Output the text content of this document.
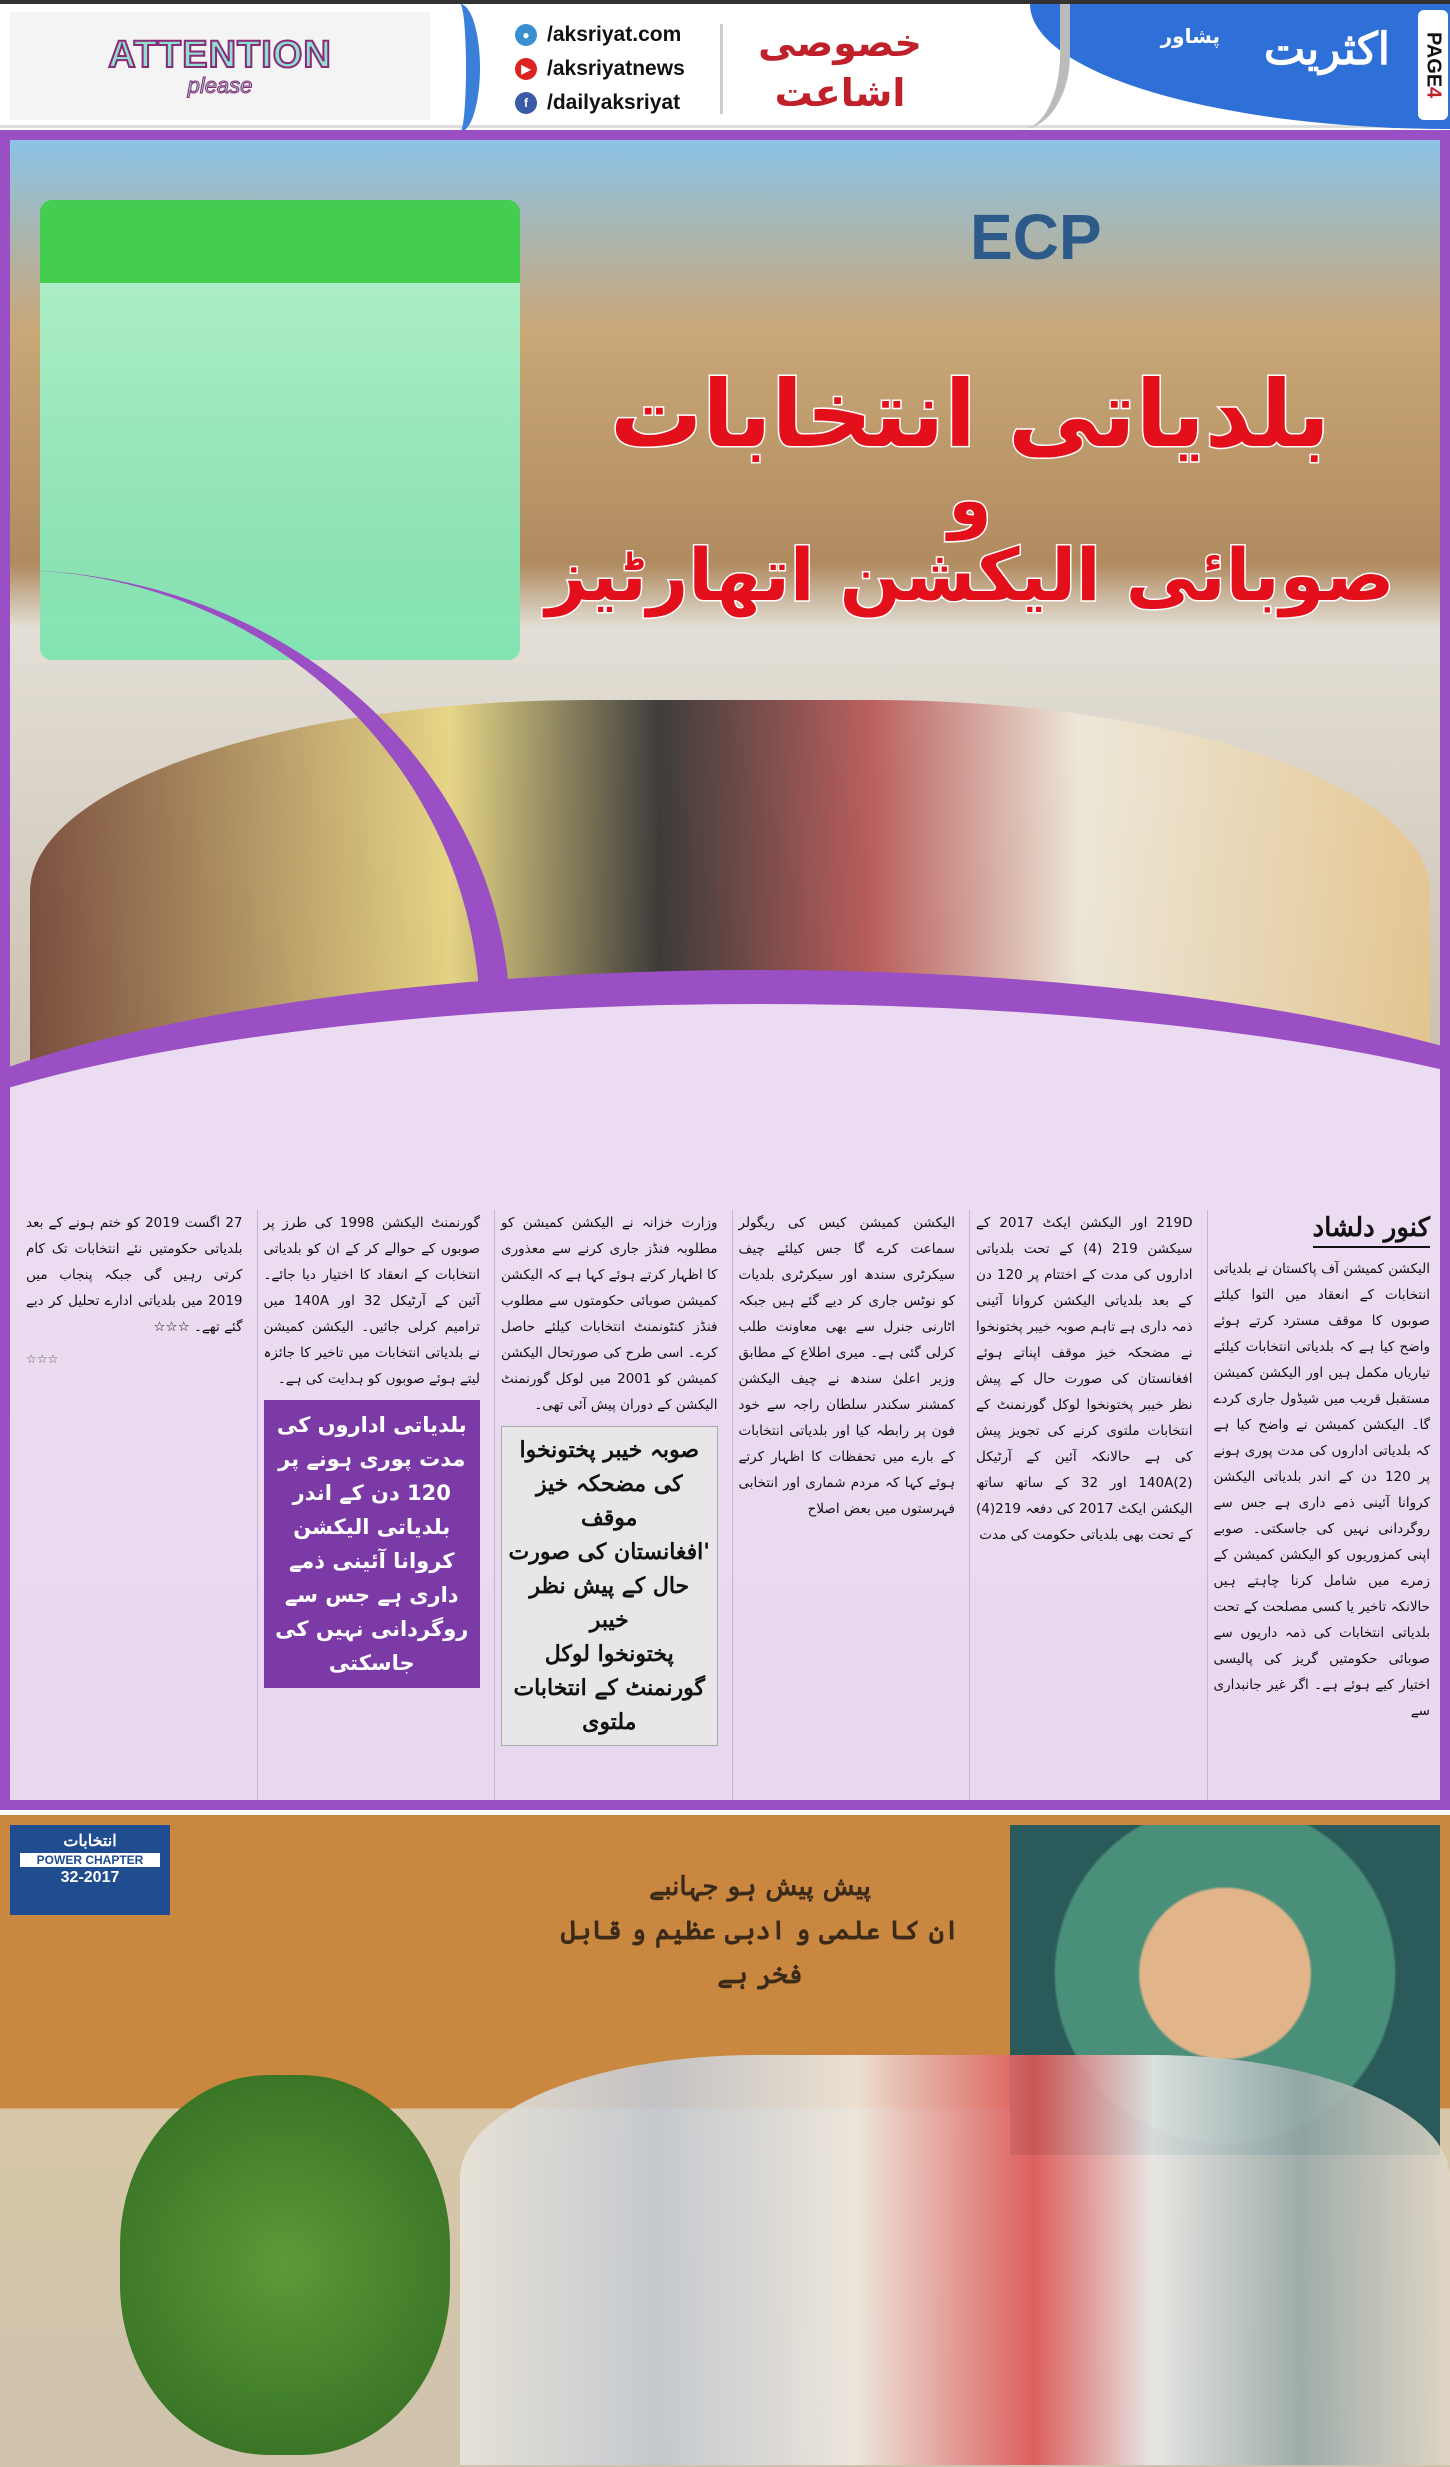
ATTENTION
please
● /aksriyat.com
▶ /aksriyatnews
f /dailyaksriyat
خصوصی
اشاعت
اکثریت
پشاور
روزنامہ
PAGE
4
ECP
بلدیاتی انتخابات
و
صوبائی الیکشن اتھارٹیز
کنور دلشاد

الیکشن کمیشن آف پاکستان نے بلدیاتی انتخابات کے انعقاد میں التوا کیلئے صوبوں کا موقف مسترد کرتے ہوئے واضح کیا ہے کہ بلدیاتی انتخابات کیلئے تیاریاں مکمل ہیں اور الیکشن کمیشن مستقبل قریب میں شیڈول جاری کردے گا۔ الیکشن کمیشن نے واضح کیا ہے کہ بلدیاتی اداروں کی مدت پوری ہونے پر 120 دن کے اندر بلدیاتی الیکشن کروانا آئینی ذمے داری ہے جس سے روگردانی نہیں کی جاسکتی۔ صوبے اپنی کمزوریوں کو الیکشن کمیشن کے زمرے میں شامل کرنا چاہتے ہیں حالانکہ تاخیر یا کسی مصلحت کے تحت بلدیاتی انتخابات کی ذمہ داریوں سے صوبائی حکومتیں گریز کی پالیسی اختیار کیے ہوئے ہے۔ اگر غیر جانبداری سے

219D اور الیکشن ایکٹ 2017 کے سیکشن 219 (4) کے تحت بلدیاتی اداروں کی مدت کے اختتام پر 120 دن کے بعد بلدیاتی الیکشن کروانا آئینی ذمہ داری ہے تاہم صوبہ خیبر پختونخوا نے مضحکہ خیز موقف اپناتے ہوئے افغانستان کی صورت حال کے پیش نظر خیبر پختونخوا لوکل گورنمنٹ کے انتخابات ملتوی کرنے کی تجویز پیش کی ہے حالانکہ آئین کے آرٹیکل (2)140A اور 32 کے ساتھ ساتھ الیکشن ایکٹ 2017 کی دفعہ 219(4) کے تحت بھی بلدیاتی حکومت کی مدت

الیکشن کمیشن کیس کی ریگولر سماعت کرے گا جس کیلئے چیف سیکرٹری سندھ اور سیکرٹری بلدیات کو نوٹس جاری کر دیے گئے ہیں جبکہ اٹارنی جنرل سے بھی معاونت طلب کرلی گئی ہے۔ میری اطلاع کے مطابق وزیر اعلیٰ سندھ نے چیف الیکشن کمشنر سکندر سلطان راجہ سے خود فون پر رابطہ کیا اور بلدیاتی انتخابات کے بارے میں تحفظات کا اظہار کرتے ہوئے کہا کہ مردم شماری اور انتخابی فہرستوں میں بعض اصلاح

وزارت خزانہ نے الیکشن کمیشن کو مطلوبہ فنڈز جاری کرنے سے معذوری کا اظہار کرتے ہوئے کہا ہے کہ الیکشن کمیشن صوبائی حکومتوں سے مطلوب فنڈز کنٹونمنٹ انتخابات کیلئے حاصل کرے۔ اسی طرح کی صورتحال الیکشن کمیشن کو 2001 میں لوکل گورنمنٹ الیکشن کے دوران پیش آئی تھی۔

صوبہ خیبر پختونخوا کی مضحکہ خیز موقف
'افغانستان کی صورت حال کے پیش نظر خیبر
پختونخوا لوکل گورنمنٹ کے انتخابات ملتوی

گورنمنٹ الیکشن 1998 کی طرز پر صوبوں کے حوالے کر کے ان کو بلدیاتی انتخابات کے انعقاد کا اختیار دیا جائے۔ آئین کے آرٹیکل 32 اور 140A میں ترامیم کرلی جائیں۔ الیکشن کمیشن نے بلدیاتی انتخابات میں تاخیر کا جائزہ لیتے ہوئے صوبوں کو ہدایت کی ہے۔

بلدیاتی اداروں کی مدت پوری ہونے پر 120 دن کے اندر بلدیاتی الیکشن کروانا آئینی ذمے داری ہے جس سے روگردانی نہیں کی جاسکتی

27 اگست 2019 کو ختم ہونے کے بعد بلدیاتی حکومتیں نئے انتخابات تک کام کرتی رہیں گی جبکہ پنجاب میں 2019 میں بلدیاتی ادارے تحلیل کر دیے گئے تھے۔ ☆☆☆

☆☆☆
انتخابات
POWER CHAPTER
32-2017	پیش پیش ہو جہانبے
ان کا علمی و ادبی عظیم و قابل فخر ہے
